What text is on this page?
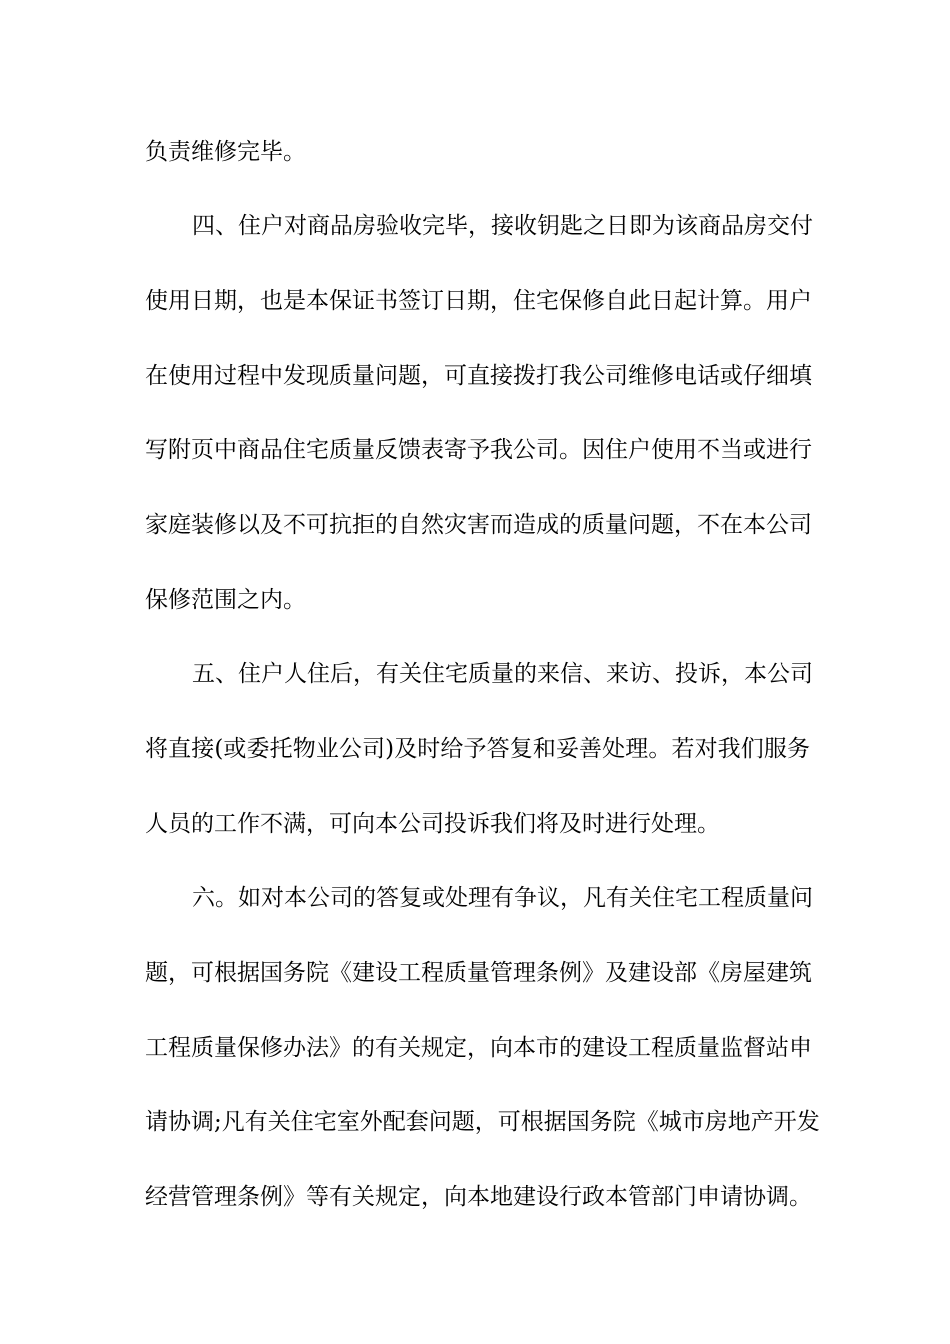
负责维修完毕。
四、住户对商品房验收完毕，接收钥匙之日即为该商品房交付
使用日期，也是本保证书签订日期，住宅保修自此日起计算。用户
在使用过程中发现质量问题，可直接拨打我公司维修电话或仔细填
写附页中商品住宅质量反馈表寄予我公司。因住户使用不当或进行
家庭装修以及不可抗拒的自然灾害而造成的质量问题，不在本公司
保修范围之内。
五、住户人住后，有关住宅质量的来信、来访、投诉，本公司
将直接(或委托物业公司)及时给予答复和妥善处理。若对我们服务
人员的工作不满，可向本公司投诉我们将及时进行处理。
六。如对本公司的答复或处理有争议，凡有关住宅工程质量问
题，可根据国务院《建设工程质量管理条例》及建设部《房屋建筑
工程质量保修办法》的有关规定，向本市的建设工程质量监督站申
请协调;凡有关住宅室外配套问题，可根据国务院《城市房地产开发
经营管理条例》等有关规定，向本地建设行政本管部门申请协调。
